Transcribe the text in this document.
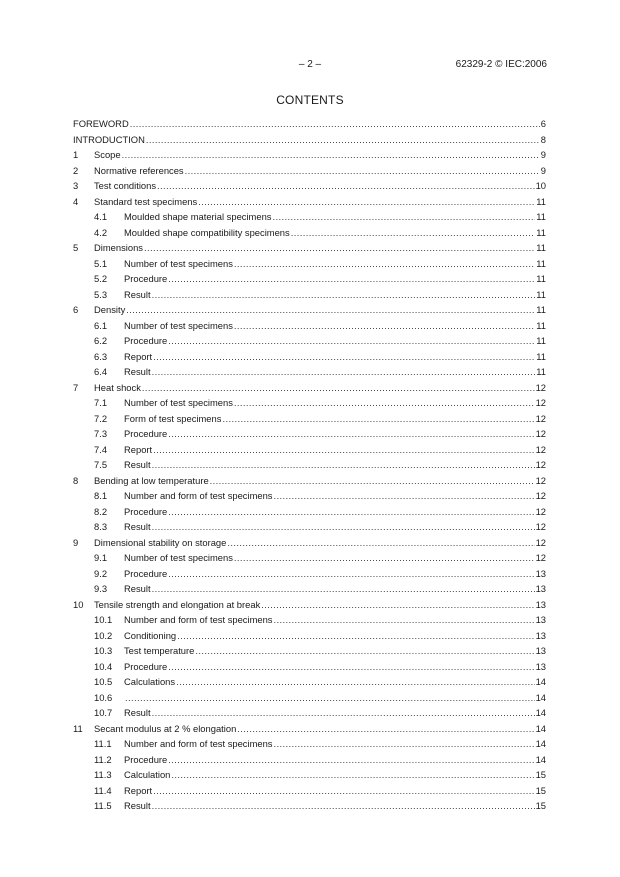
– 2 –	62329-2 © IEC:2006
CONTENTS
FOREWORD .....	6
INTRODUCTION .....	8
1	Scope .....	9
2	Normative references .....	9
3	Test conditions .....	10
4	Standard test specimens .....	11
4.1	Moulded shape material specimens .....	11
4.2	Moulded shape compatibility specimens .....	11
5	Dimensions .....	11
5.1	Number of test specimens .....	11
5.2	Procedure .....	11
5.3	Result .....	11
6	Density .....	11
6.1	Number of test specimens .....	11
6.2	Procedure .....	11
6.3	Report .....	11
6.4	Result .....	11
7	Heat shock .....	12
7.1	Number of test specimens .....	12
7.2	Form of test specimens .....	12
7.3	Procedure .....	12
7.4	Report .....	12
7.5	Result .....	12
8	Bending at low temperature .....	12
8.1	Number and form of test specimens .....	12
8.2	Procedure .....	12
8.3	Result .....	12
9	Dimensional stability on storage .....	12
9.1	Number of test specimens .....	12
9.2	Procedure .....	13
9.3	Result .....	13
10	Tensile strength and elongation at break .....	13
10.1	Number and form of test specimens .....	13
10.2	Conditioning .....	13
10.3	Test temperature .....	13
10.4	Procedure .....	13
10.5	Calculations .....	14
10.6 .....	14
10.7	Result .....	14
11	Secant modulus at 2 % elongation .....	14
11.1	Number and form of test specimens .....	14
11.2	Procedure .....	14
11.3	Calculation .....	15
11.4	Report .....	15
11.5	Result .....	15
